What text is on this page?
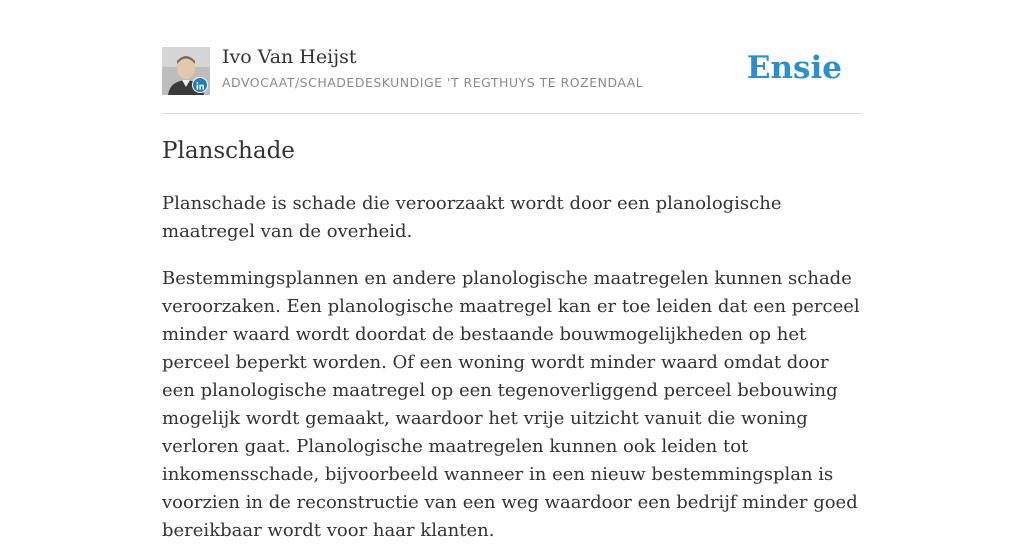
Ivo Van Heijst
ADVOCAAT/SCHADEDESKUNDIGE 'T REGTHUYS TE ROZENDAAL	Ensie
Planschade

Planschade is schade die veroorzaakt wordt door een planologische maatregel van de overheid.

Bestemmingsplannen en andere planologische maatregelen kunnen schade veroorzaken. Een planologische maatregel kan er toe leiden dat een perceel minder waard wordt doordat de bestaande bouwmogelijkheden op het perceel beperkt worden. Of een woning wordt minder waard omdat door een planologische maatregel op een tegenoverliggend perceel bebouwing mogelijk wordt gemaakt, waardoor het vrije uitzicht vanuit die woning verloren gaat. Planologische maatregelen kunnen ook leiden tot inkomensschade, bijvoorbeeld wanneer in een nieuw bestemmingsplan is voorzien in de reconstructie van een weg waardoor een bedrijf minder goed bereikbaar wordt voor haar klanten.
